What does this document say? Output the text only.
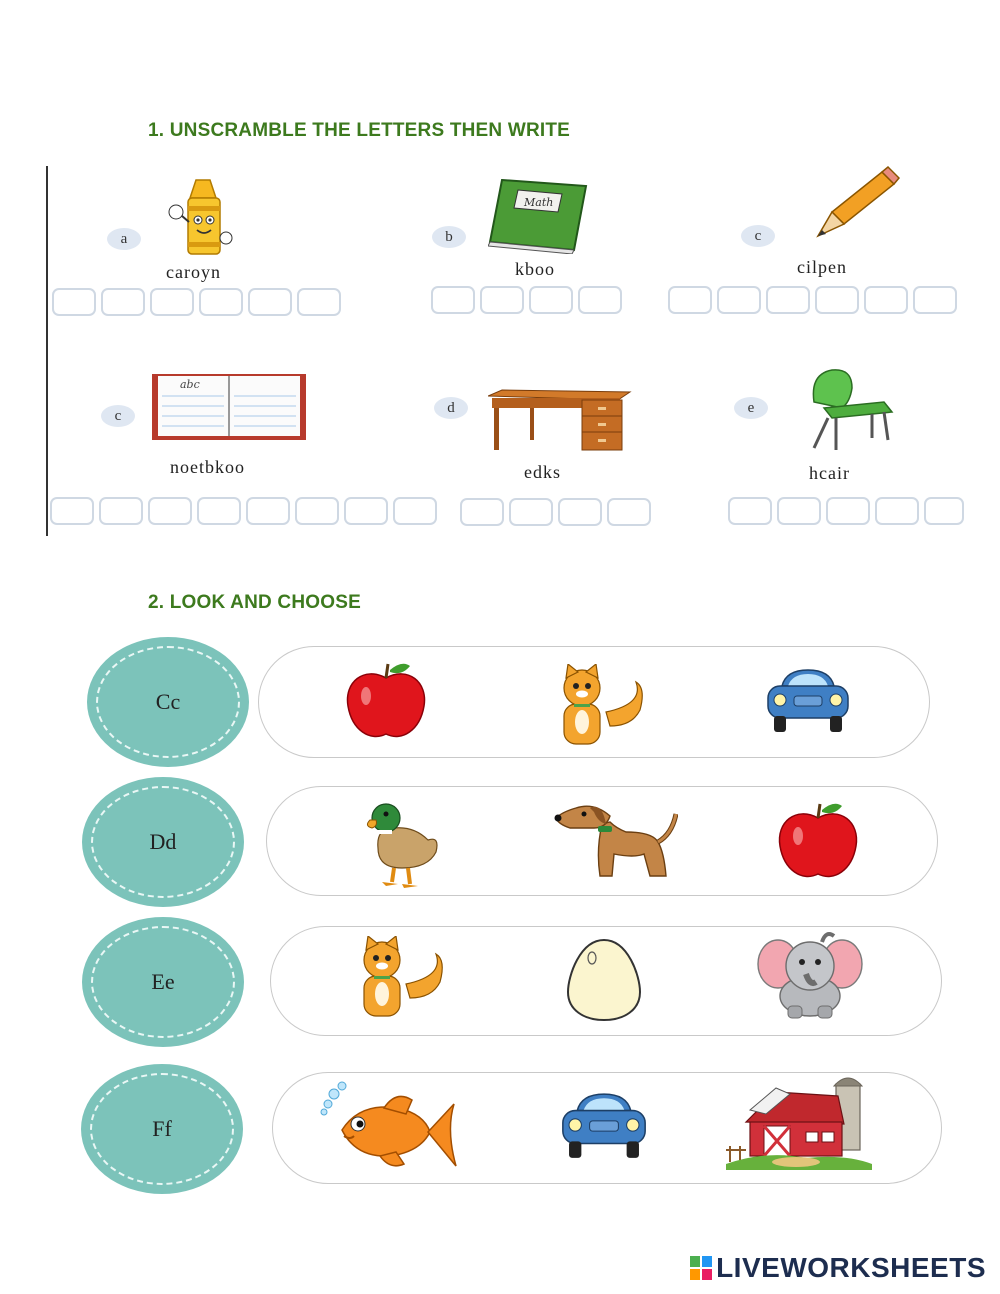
1. UNSCRAMBLE THE LETTERS THEN WRITE
a
caroyn
b
Math
kboo
c
cilpen
c
abc
noetbkoo
d
edks
e
hcair
2. LOOK AND CHOOSE
Cc
Dd
Ee
Ff
LIVEWORKSHEETS
